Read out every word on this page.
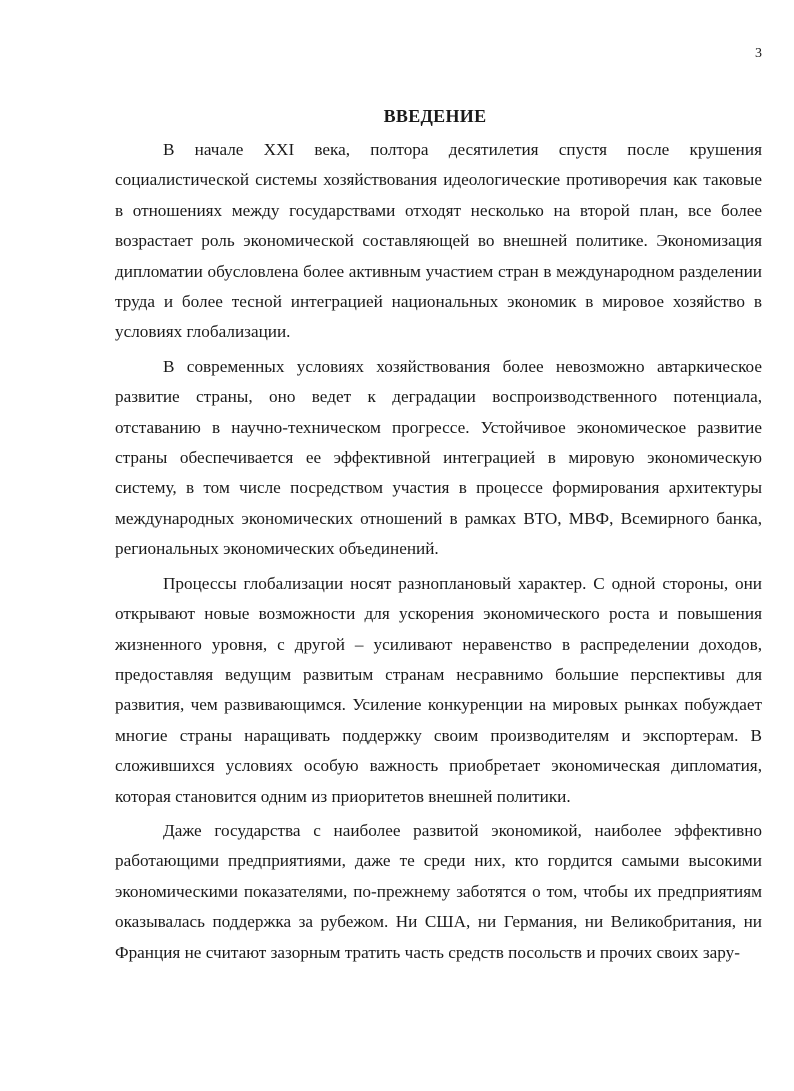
3
ВВЕДЕНИЕ

В начале XXI века, полтора десятилетия спустя после крушения социалистической системы хозяйствования идеологические противоречия как таковые в отношениях между государствами отходят несколько на второй план, все более возрастает роль экономической составляющей во внешней политике. Экономизация дипломатии обусловлена более активным участием стран в международном разделении труда и более тесной интеграцией национальных экономик в мировое хозяйство в условиях глобализации.

В современных условиях хозяйствования более невозможно автаркическое развитие страны, оно ведет к деградации воспроизводственного потенциала, отставанию в научно-техническом прогрессе. Устойчивое экономическое развитие страны обеспечивается ее эффективной интеграцией в мировую экономическую систему, в том числе посредством участия в процессе формирования архитектуры международных экономических отношений в рамках ВТО, МВФ, Всемирного банка, региональных экономических объединений.

Процессы глобализации носят разноплановый характер. С одной стороны, они открывают новые возможности для ускорения экономического роста и повышения жизненного уровня, с другой – усиливают неравенство в распределении доходов, предоставляя ведущим развитым странам несравнимо большие перспективы для развития, чем развивающимся. Усиление конкуренции на мировых рынках побуждает многие страны наращивать поддержку своим производителям и экспортерам. В сложившихся условиях особую важность приобретает экономическая дипломатия, которая становится одним из приоритетов внешней политики.

Даже государства с наиболее развитой экономикой, наиболее эффективно работающими предприятиями, даже те среди них, кто гордится самыми высокими экономическими показателями, по-прежнему заботятся о том, чтобы их предприятиям оказывалась поддержка за рубежом. Ни США, ни Германия, ни Великобритания, ни Франция не считают зазорным тратить часть средств посольств и прочих своих зару-
